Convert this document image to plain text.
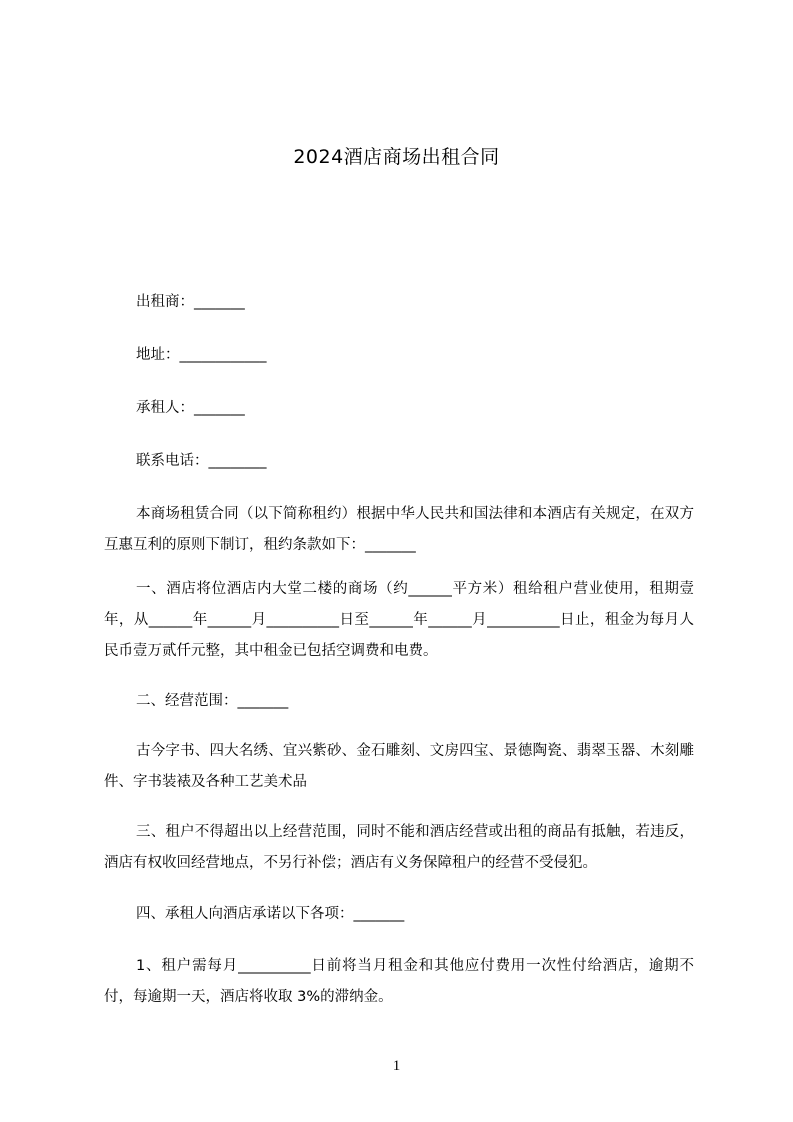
2024酒店商场出租合同
出租商：_______
地址：____________
承租人：_______
联系电话：________
本商场租赁合同（以下简称租约）根据中华人民共和国法律和本酒店有关规定，在双方互惠互利的原则下制订，租约条款如下：_______
一、酒店将位酒店内大堂二楼的商场（约______平方米）租给租户营业使用，租期壹年，从______年______月__________日至______年______月__________日止，租金为每月人民币壹万贰仟元整，其中租金已包括空调费和电费。
二、经营范围：_______
古今字书、四大名绣、宜兴紫砂、金石雕刻、文房四宝、景德陶瓷、翡翠玉器、木刻雕件、字书装裱及各种工艺美术品
三、租户不得超出以上经营范围，同时不能和酒店经营或出租的商品有抵触，若违反，酒店有权收回经营地点，不另行补偿；酒店有义务保障租户的经营不受侵犯。
四、承租人向酒店承诺以下各项：_______
1、租户需每月__________日前将当月租金和其他应付费用一次性付给酒店，逾期不付，每逾期一天，酒店将收取 3%的滞纳金。
1
